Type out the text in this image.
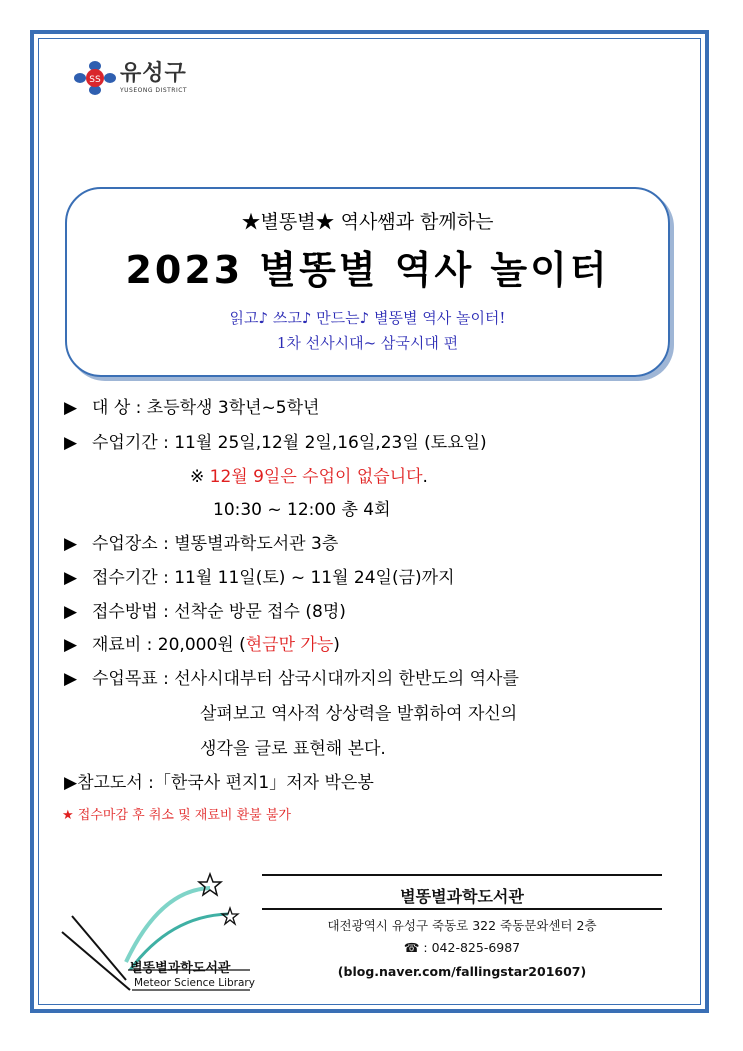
SS 유성구
YUSEONG DISTRICT
★별똥별★ 역사쌤과 함께하는
2023 별똥별 역사 놀이터
읽고♪ 쓰고♪ 만드는♪ 별똥별 역사 놀이터!
1차 선사시대~ 삼국시대 편
▶ 대 상 : 초등학생 3학년~5학년
▶ 수업기간 : 11월 25일,12월 2일,16일,23일 (토요일)
※ 12월 9일은 수업이 없습니다.
10:30 ~ 12:00 총 4회
▶ 수업장소 : 별똥별과학도서관 3층
▶ 접수기간 : 11월 11일(토) ~ 11월 24일(금)까지
▶ 접수방법 : 선착순 방문 접수 (8명)
▶ 재료비 : 20,000원 (현금만 가능)
▶ 수업목표 : 선사시대부터 삼국시대까지의 한반도의 역사를
살펴보고 역사적 상상력을 발휘하여 자신의
생각을 글로 표현해 본다.
▶참고도서 :「한국사 편지1」저자 박은봉
★ 접수마감 후 취소 및 재료비 환불 불가
별똥별과학도서관
Meteor Science Library
별똥별과학도서관
대전광역시 유성구 죽동로 322 죽동문와센터 2층
☎ : 042-825-6987
(blog.naver.com/fallingstar201607)
